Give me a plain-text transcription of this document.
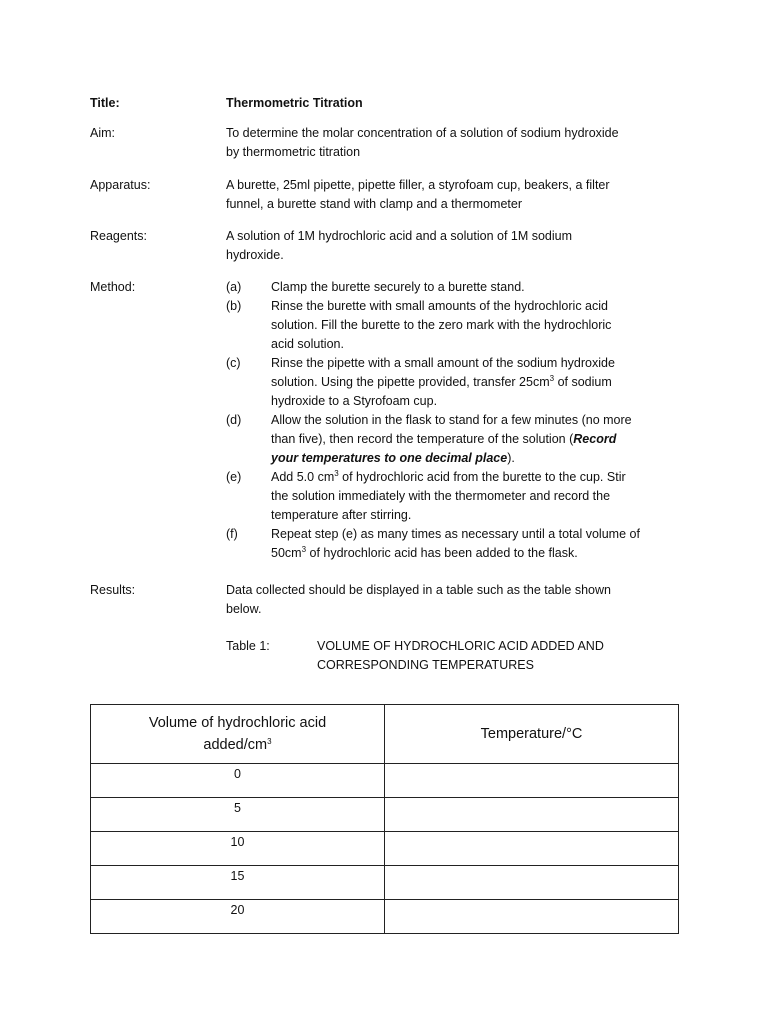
Title:	Thermometric Titration
Aim:	To determine the molar concentration of a solution of sodium hydroxide
by thermometric titration
Apparatus:	A burette, 25ml pipette, pipette filler, a styrofoam cup, beakers, a filter
funnel, a burette stand with clamp and a thermometer
Reagents:	A solution of 1M hydrochloric acid and a solution of 1M sodium
hydroxide.
Method:	(a) Clamp the burette securely to a burette stand.
(b) Rinse the burette with small amounts of the hydrochloric acid
solution. Fill the burette to the zero mark with the hydrochloric
acid solution.
(c) Rinse the pipette with a small amount of the sodium hydroxide
solution. Using the pipette provided, transfer $25cm^3$ of sodium
hydroxide to a Styrofoam cup.
(d) Allow the solution in the flask to stand for a few minutes (no more
than five), then record the temperature of the solution (Record
your temperatures to one decimal place).
(e) Add 5.0 $cm^3$ of hydrochloric acid from the burette to the cup. Stir
the solution immediately with the thermometer and record the
temperature after stirring.
(f)	Repeat step (e) as many times as necessary until a total volume of
$50cm^3$ of hydrochloric acid has been added to the flask.
Results:	Data collected should be displayed in a table such as the table shown
below.
Table 1:	VOLUME OF HYDROCHLORIC ACID ADDED AND
CORRESPONDING TEMPERATURES
Volume of hydrochloric acid
added/$cm^3$	Temperature/°C
0	
5	
10	
15	
20	
